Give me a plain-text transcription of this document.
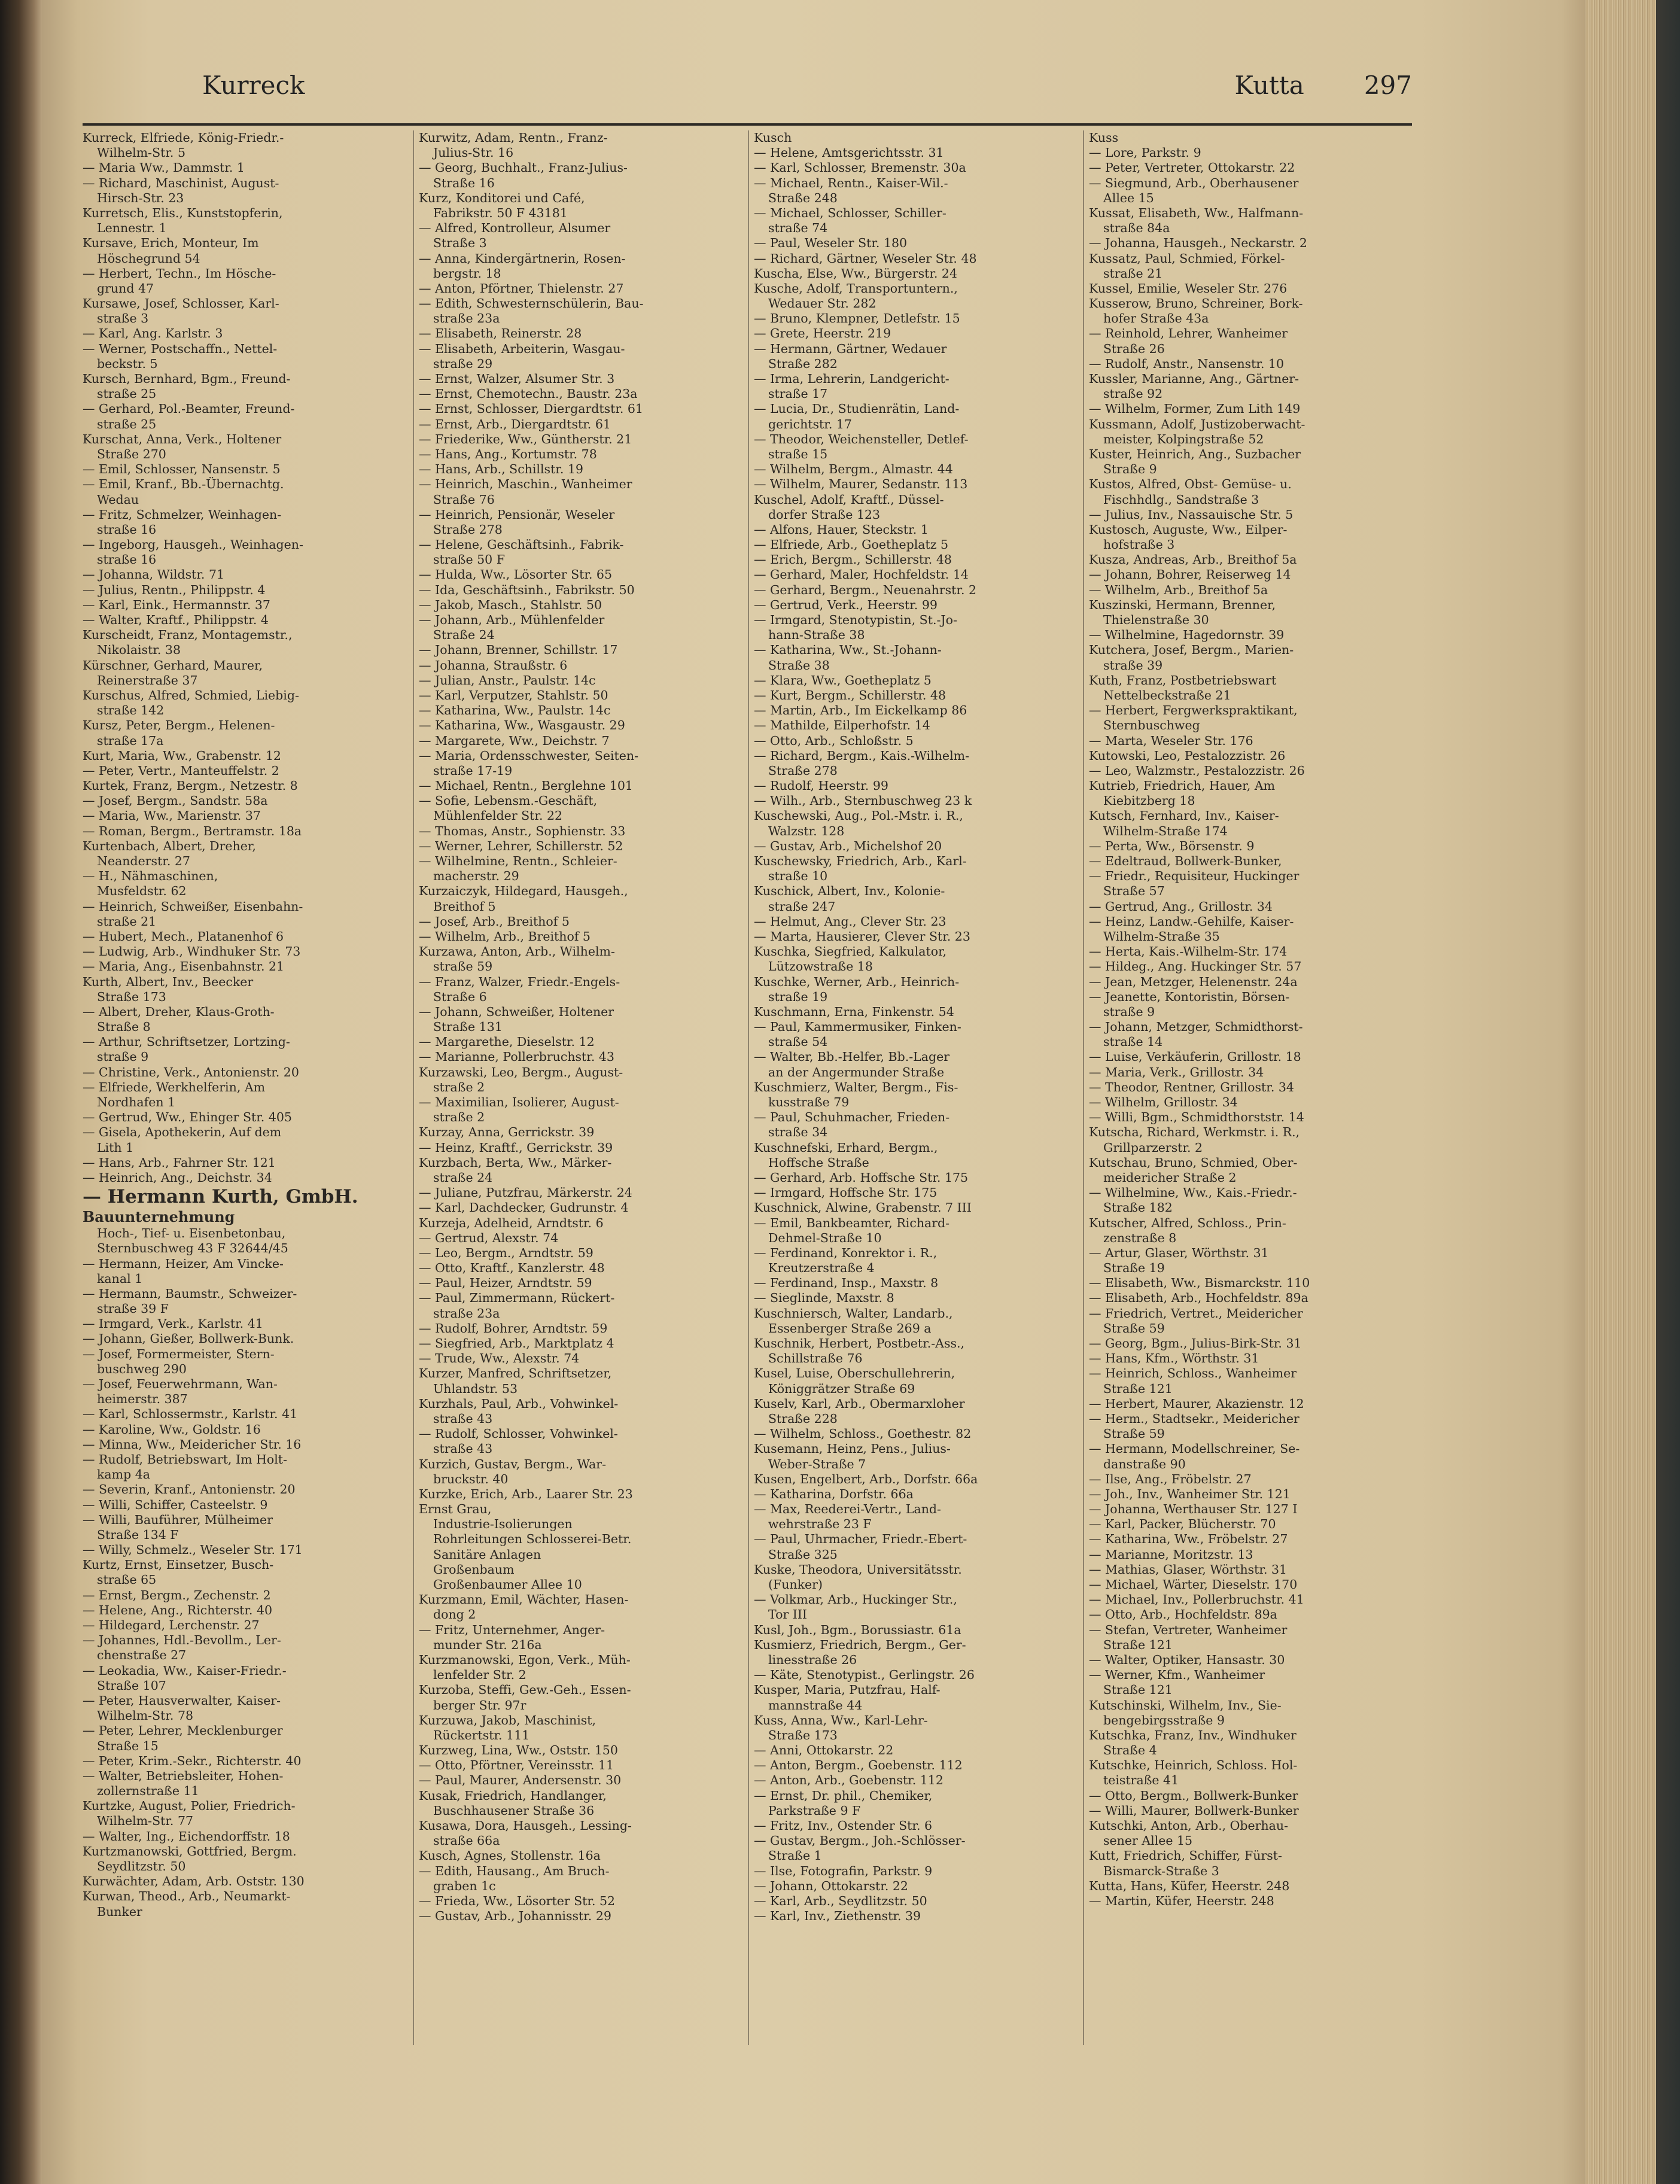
Kurreck	Kutta 297
Kurreck, Elfriede, König-Friedr.-
Wilhelm-Str. 5
— Maria Ww., Dammstr. 1
— Richard, Maschinist, August-
Hirsch-Str. 23
Kurretsch, Elis., Kunststopferin,
Lennestr. 1
Kursave, Erich, Monteur, Im
Höschegrund 54
— Herbert, Techn., Im Hösche-
grund 47
Kursawe, Josef, Schlosser, Karl-
straße 3
— Karl, Ang. Karlstr. 3
— Werner, Postschaffn., Nettel-
beckstr. 5
Kursch, Bernhard, Bgm., Freund-
straße 25
— Gerhard, Pol.-Beamter, Freund-
straße 25
Kurschat, Anna, Verk., Holtener
Straße 270
— Emil, Schlosser, Nansenstr. 5
— Emil, Kranf., Bb.-Übernachtg.
Wedau
— Fritz, Schmelzer, Weinhagen-
straße 16
— Ingeborg, Hausgeh., Weinhagen-
straße 16
— Johanna, Wildstr. 71
— Julius, Rentn., Philippstr. 4
— Karl, Eink., Hermannstr. 37
— Walter, Kraftf., Philippstr. 4
Kurscheidt, Franz, Montagemstr.,
Nikolaistr. 38
Kürschner, Gerhard, Maurer,
Reinerstraße 37
Kurschus, Alfred, Schmied, Liebig-
straße 142
Kursz, Peter, Bergm., Helenen-
straße 17a
Kurt, Maria, Ww., Grabenstr. 12
— Peter, Vertr., Manteuffelstr. 2
Kurtek, Franz, Bergm., Netzestr. 8
— Josef, Bergm., Sandstr. 58a
— Maria, Ww., Marienstr. 37
— Roman, Bergm., Bertramstr. 18a
Kurtenbach, Albert, Dreher,
Neanderstr. 27
— H., Nähmaschinen,
Musfeldstr. 62
— Heinrich, Schweißer, Eisenbahn-
straße 21
— Hubert, Mech., Platanenhof 6
— Ludwig, Arb., Windhuker Str. 73
— Maria, Ang., Eisenbahnstr. 21
Kurth, Albert, Inv., Beecker
Straße 173
— Albert, Dreher, Klaus-Groth-
Straße 8
— Arthur, Schriftsetzer, Lortzing-
straße 9
— Christine, Verk., Antonienstr. 20
— Elfriede, Werkhelferin, Am
Nordhafen 1
— Gertrud, Ww., Ehinger Str. 405
— Gisela, Apothekerin, Auf dem
Lith 1
— Hans, Arb., Fahrner Str. 121
— Heinrich, Ang., Deichstr. 34
— Hermann Kurth, GmbH.
Bauunternehmung
Hoch-, Tief- u. Eisenbetonbau,
Sternbuschweg 43 F 32644/45
— Hermann, Heizer, Am Vincke-
kanal 1
— Hermann, Baumstr., Schweizer-
straße 39 F
— Irmgard, Verk., Karlstr. 41
— Johann, Gießer, Bollwerk-Bunk.
— Josef, Formermeister, Stern-
buschweg 290
— Josef, Feuerwehrmann, Wan-
heimerstr. 387
— Karl, Schlossermstr., Karlstr. 41
— Karoline, Ww., Goldstr. 16
— Minna, Ww., Meidericher Str. 16
— Rudolf, Betriebswart, Im Holt-
kamp 4a
— Severin, Kranf., Antonienstr. 20
— Willi, Schiffer, Casteelstr. 9
— Willi, Bauführer, Mülheimer
Straße 134 F
— Willy, Schmelz., Weseler Str. 171
Kurtz, Ernst, Einsetzer, Busch-
straße 65
— Ernst, Bergm., Zechenstr. 2
— Helene, Ang., Richterstr. 40
— Hildegard, Lerchenstr. 27
— Johannes, Hdl.-Bevollm., Ler-
chenstraße 27
— Leokadia, Ww., Kaiser-Friedr.-
Straße 107
— Peter, Hausverwalter, Kaiser-
Wilhelm-Str. 78
— Peter, Lehrer, Mecklenburger
Straße 15
— Peter, Krim.-Sekr., Richterstr. 40
— Walter, Betriebsleiter, Hohen-
zollernstraße 11
Kurtzke, August, Polier, Friedrich-
Wilhelm-Str. 77
— Walter, Ing., Eichendorffstr. 18
Kurtzmanowski, Gottfried, Bergm.
Seydlitzstr. 50
Kurwächter, Adam, Arb. Oststr. 130
Kurwan, Theod., Arb., Neumarkt-
Bunker
Kurwitz, Adam, Rentn., Franz-
Julius-Str. 16
— Georg, Buchhalt., Franz-Julius-
Straße 16
Kurz, Konditorei und Café,
Fabrikstr. 50 F 43181
— Alfred, Kontrolleur, Alsumer
Straße 3
— Anna, Kindergärtnerin, Rosen-
bergstr. 18
— Anton, Pförtner, Thielenstr. 27
— Edith, Schwesternschülerin, Bau-
straße 23a
— Elisabeth, Reinerstr. 28
— Elisabeth, Arbeiterin, Wasgau-
straße 29
— Ernst, Walzer, Alsumer Str. 3
— Ernst, Chemotechn., Baustr. 23a
— Ernst, Schlosser, Diergardtstr. 61
— Ernst, Arb., Diergardtstr. 61
— Friederike, Ww., Güntherstr. 21
— Hans, Ang., Kortumstr. 78
— Hans, Arb., Schillstr. 19
— Heinrich, Maschin., Wanheimer
Straße 76
— Heinrich, Pensionär, Weseler
Straße 278
— Helene, Geschäftsinh., Fabrik-
straße 50 F
— Hulda, Ww., Lösorter Str. 65
— Ida, Geschäftsinh., Fabrikstr. 50
— Jakob, Masch., Stahlstr. 50
— Johann, Arb., Mühlenfelder
Straße 24
— Johann, Brenner, Schillstr. 17
— Johanna, Straußstr. 6
— Julian, Anstr., Paulstr. 14c
— Karl, Verputzer, Stahlstr. 50
— Katharina, Ww., Paulstr. 14c
— Katharina, Ww., Wasgaustr. 29
— Margarete, Ww., Deichstr. 7
— Maria, Ordensschwester, Seiten-
straße 17-19
— Michael, Rentn., Berglehne 101
— Sofie, Lebensm.-Geschäft,
Mühlenfelder Str. 22
— Thomas, Anstr., Sophienstr. 33
— Werner, Lehrer, Schillerstr. 52
— Wilhelmine, Rentn., Schleier-
macherstr. 29
Kurzaiczyk, Hildegard, Hausgeh.,
Breithof 5
— Josef, Arb., Breithof 5
— Wilhelm, Arb., Breithof 5
Kurzawa, Anton, Arb., Wilhelm-
straße 59
— Franz, Walzer, Friedr.-Engels-
Straße 6
— Johann, Schweißer, Holtener
Straße 131
— Margarethe, Dieselstr. 12
— Marianne, Pollerbruchstr. 43
Kurzawski, Leo, Bergm., August-
straße 2
— Maximilian, Isolierer, August-
straße 2
Kurzay, Anna, Gerrickstr. 39
— Heinz, Kraftf., Gerrickstr. 39
Kurzbach, Berta, Ww., Märker-
straße 24
— Juliane, Putzfrau, Märkerstr. 24
— Karl, Dachdecker, Gudrunstr. 4
Kurzeja, Adelheid, Arndtstr. 6
— Gertrud, Alexstr. 74
— Leo, Bergm., Arndtstr. 59
— Otto, Kraftf., Kanzlerstr. 48
— Paul, Heizer, Arndtstr. 59
— Paul, Zimmermann, Rückert-
straße 23a
— Rudolf, Bohrer, Arndtstr. 59
— Siegfried, Arb., Marktplatz 4
— Trude, Ww., Alexstr. 74
Kurzer, Manfred, Schriftsetzer,
Uhlandstr. 53
Kurzhals, Paul, Arb., Vohwinkel-
straße 43
— Rudolf, Schlosser, Vohwinkel-
straße 43
Kurzich, Gustav, Bergm., War-
bruckstr. 40
Kurzke, Erich, Arb., Laarer Str. 23
Ernst Grau,
Industrie-Isolierungen
Rohrleitungen Schlosserei-Betr.
Sanitäre Anlagen
Großenbaum
Großenbaumer Allee 10
Kurzmann, Emil, Wächter, Hasen-
dong 2
— Fritz, Unternehmer, Anger-
munder Str. 216a
Kurzmanowski, Egon, Verk., Müh-
lenfelder Str. 2
Kurzoba, Steffi, Gew.-Geh., Essen-
berger Str. 97r
Kurzuwa, Jakob, Maschinist,
Rückertstr. 111
Kurzweg, Lina, Ww., Oststr. 150
— Otto, Pförtner, Vereinsstr. 11
— Paul, Maurer, Andersenstr. 30
Kusak, Friedrich, Handlanger,
Buschhausener Straße 36
Kusawa, Dora, Hausgeh., Lessing-
straße 66a
Kusch, Agnes, Stollenstr. 16a
— Edith, Hausang., Am Bruch-
graben 1c
— Frieda, Ww., Lösorter Str. 52
— Gustav, Arb., Johannisstr. 29
Kusch
— Helene, Amtsgerichtsstr. 31
— Karl, Schlosser, Bremenstr. 30a
— Michael, Rentn., Kaiser-Wil.-
Straße 248
— Michael, Schlosser, Schiller-
straße 74
— Paul, Weseler Str. 180
— Richard, Gärtner, Weseler Str. 48
Kuscha, Else, Ww., Bürgerstr. 24
Kusche, Adolf, Transportuntern.,
Wedauer Str. 282
— Bruno, Klempner, Detlefstr. 15
— Grete, Heerstr. 219
— Hermann, Gärtner, Wedauer
Straße 282
— Irma, Lehrerin, Landgericht-
straße 17
— Lucia, Dr., Studienrätin, Land-
gerichtstr. 17
— Theodor, Weichensteller, Detlef-
straße 15
— Wilhelm, Bergm., Almastr. 44
— Wilhelm, Maurer, Sedanstr. 113
Kuschel, Adolf, Kraftf., Düssel-
dorfer Straße 123
— Alfons, Hauer, Steckstr. 1
— Elfriede, Arb., Goetheplatz 5
— Erich, Bergm., Schillerstr. 48
— Gerhard, Maler, Hochfeldstr. 14
— Gerhard, Bergm., Neuenahrstr. 2
— Gertrud, Verk., Heerstr. 99
— Irmgard, Stenotypistin, St.-Jo-
hann-Straße 38
— Katharina, Ww., St.-Johann-
Straße 38
— Klara, Ww., Goetheplatz 5
— Kurt, Bergm., Schillerstr. 48
— Martin, Arb., Im Eickelkamp 86
— Mathilde, Eilperhofstr. 14
— Otto, Arb., Schloßstr. 5
— Richard, Bergm., Kais.-Wilhelm-
Straße 278
— Rudolf, Heerstr. 99
— Wilh., Arb., Sternbuschweg 23 k
Kuschewski, Aug., Pol.-Mstr. i. R.,
Walzstr. 128
— Gustav, Arb., Michelshof 20
Kuschewsky, Friedrich, Arb., Karl-
straße 10
Kuschick, Albert, Inv., Kolonie-
straße 247
— Helmut, Ang., Clever Str. 23
— Marta, Hausierer, Clever Str. 23
Kuschka, Siegfried, Kalkulator,
Lützowstraße 18
Kuschke, Werner, Arb., Heinrich-
straße 19
Kuschmann, Erna, Finkenstr. 54
— Paul, Kammermusiker, Finken-
straße 54
— Walter, Bb.-Helfer, Bb.-Lager
an der Angermunder Straße
Kuschmierz, Walter, Bergm., Fis-
kusstraße 79
— Paul, Schuhmacher, Frieden-
straße 34
Kuschnefski, Erhard, Bergm.,
Hoffsche Straße
— Gerhard, Arb. Hoffsche Str. 175
— Irmgard, Hoffsche Str. 175
Kuschnick, Alwine, Grabenstr. 7 III
— Emil, Bankbeamter, Richard-
Dehmel-Straße 10
— Ferdinand, Konrektor i. R.,
Kreutzerstraße 4
— Ferdinand, Insp., Maxstr. 8
— Sieglinde, Maxstr. 8
Kuschniersch, Walter, Landarb.,
Essenberger Straße 269 a
Kuschnik, Herbert, Postbetr.-Ass.,
Schillstraße 76
Kusel, Luise, Oberschullehrerin,
Königgrätzer Straße 69
Kuselv, Karl, Arb., Obermarxloher
Straße 228
— Wilhelm, Schloss., Goethestr. 82
Kusemann, Heinz, Pens., Julius-
Weber-Straße 7
Kusen, Engelbert, Arb., Dorfstr. 66a
— Katharina, Dorfstr. 66a
— Max, Reederei-Vertr., Land-
wehrstraße 23 F
— Paul, Uhrmacher, Friedr.-Ebert-
Straße 325
Kuske, Theodora, Universitätsstr.
(Funker)
— Volkmar, Arb., Huckinger Str.,
Tor III
Kusl, Joh., Bgm., Borussiastr. 61a
Kusmierz, Friedrich, Bergm., Ger-
linesstraße 26
— Käte, Stenotypist., Gerlingstr. 26
Kusper, Maria, Putzfrau, Half-
mannstraße 44
Kuss, Anna, Ww., Karl-Lehr-
Straße 173
— Anni, Ottokarstr. 22
— Anton, Bergm., Goebenstr. 112
— Anton, Arb., Goebenstr. 112
— Ernst, Dr. phil., Chemiker,
Parkstraße 9 F
— Fritz, Inv., Ostender Str. 6
— Gustav, Bergm., Joh.-Schlösser-
Straße 1
— Ilse, Fotografin, Parkstr. 9
— Johann, Ottokarstr. 22
— Karl, Arb., Seydlitzstr. 50
— Karl, Inv., Ziethenstr. 39
Kuss
— Lore, Parkstr. 9
— Peter, Vertreter, Ottokarstr. 22
— Siegmund, Arb., Oberhausener
Allee 15
Kussat, Elisabeth, Ww., Halfmann-
straße 84a
— Johanna, Hausgeh., Neckarstr. 2
Kussatz, Paul, Schmied, Förkel-
straße 21
Kussel, Emilie, Weseler Str. 276
Kusserow, Bruno, Schreiner, Bork-
hofer Straße 43a
— Reinhold, Lehrer, Wanheimer
Straße 26
— Rudolf, Anstr., Nansenstr. 10
Kussler, Marianne, Ang., Gärtner-
straße 92
— Wilhelm, Former, Zum Lith 149
Kussmann, Adolf, Justizoberwacht-
meister, Kolpingstraße 52
Kuster, Heinrich, Ang., Suzbacher
Straße 9
Kustos, Alfred, Obst- Gemüse- u.
Fischhdlg., Sandstraße 3
— Julius, Inv., Nassauische Str. 5
Kustosch, Auguste, Ww., Eilper-
hofstraße 3
Kusza, Andreas, Arb., Breithof 5a
— Johann, Bohrer, Reiserweg 14
— Wilhelm, Arb., Breithof 5a
Kuszinski, Hermann, Brenner,
Thielenstraße 30
— Wilhelmine, Hagedornstr. 39
Kutchera, Josef, Bergm., Marien-
straße 39
Kuth, Franz, Postbetriebswart
Nettelbeckstraße 21
— Herbert, Fergwerkspraktikant,
Sternbuschweg
— Marta, Weseler Str. 176
Kutowski, Leo, Pestalozzistr. 26
— Leo, Walzmstr., Pestalozzistr. 26
Kutrieb, Friedrich, Hauer, Am
Kiebitzberg 18
Kutsch, Fernhard, Inv., Kaiser-
Wilhelm-Straße 174
— Perta, Ww., Börsenstr. 9
— Edeltraud, Bollwerk-Bunker,
— Friedr., Requisiteur, Huckinger
Straße 57
— Gertrud, Ang., Grillostr. 34
— Heinz, Landw.-Gehilfe, Kaiser-
Wilhelm-Straße 35
— Herta, Kais.-Wilhelm-Str. 174
— Hildeg., Ang. Huckinger Str. 57
— Jean, Metzger, Helenenstr. 24a
— Jeanette, Kontoristin, Börsen-
straße 9
— Johann, Metzger, Schmidthorst-
straße 14
— Luise, Verkäuferin, Grillostr. 18
— Maria, Verk., Grillostr. 34
— Theodor, Rentner, Grillostr. 34
— Wilhelm, Grillostr. 34
— Willi, Bgm., Schmidthorststr. 14
Kutscha, Richard, Werkmstr. i. R.,
Grillparzerstr. 2
Kutschau, Bruno, Schmied, Ober-
meidericher Straße 2
— Wilhelmine, Ww., Kais.-Friedr.-
Straße 182
Kutscher, Alfred, Schloss., Prin-
zenstraße 8
— Artur, Glaser, Wörthstr. 31
Straße 19
— Elisabeth, Ww., Bismarckstr. 110
— Elisabeth, Arb., Hochfeldstr. 89a
— Friedrich, Vertret., Meidericher
Straße 59
— Georg, Bgm., Julius-Birk-Str. 31
— Hans, Kfm., Wörthstr. 31
— Heinrich, Schloss., Wanheimer
Straße 121
— Herbert, Maurer, Akazienstr. 12
— Herm., Stadtsekr., Meidericher
Straße 59
— Hermann, Modellschreiner, Se-
danstraße 90
— Ilse, Ang., Fröbelstr. 27
— Joh., Inv., Wanheimer Str. 121
— Johanna, Werthauser Str. 127 I
— Karl, Packer, Blücherstr. 70
— Katharina, Ww., Fröbelstr. 27
— Marianne, Moritzstr. 13
— Mathias, Glaser, Wörthstr. 31
— Michael, Wärter, Dieselstr. 170
— Michael, Inv., Pollerbruchstr. 41
— Otto, Arb., Hochfeldstr. 89a
— Stefan, Vertreter, Wanheimer
Straße 121
— Walter, Optiker, Hansastr. 30
— Werner, Kfm., Wanheimer
Straße 121
Kutschinski, Wilhelm, Inv., Sie-
bengebirgsstraße 9
Kutschka, Franz, Inv., Windhuker
Straße 4
Kutschke, Heinrich, Schloss. Hol-
teistraße 41
— Otto, Bergm., Bollwerk-Bunker
— Willi, Maurer, Bollwerk-Bunker
Kutschki, Anton, Arb., Oberhau-
sener Allee 15
Kutt, Friedrich, Schiffer, Fürst-
Bismarck-Straße 3
Kutta, Hans, Küfer, Heerstr. 248
— Martin, Küfer, Heerstr. 248
